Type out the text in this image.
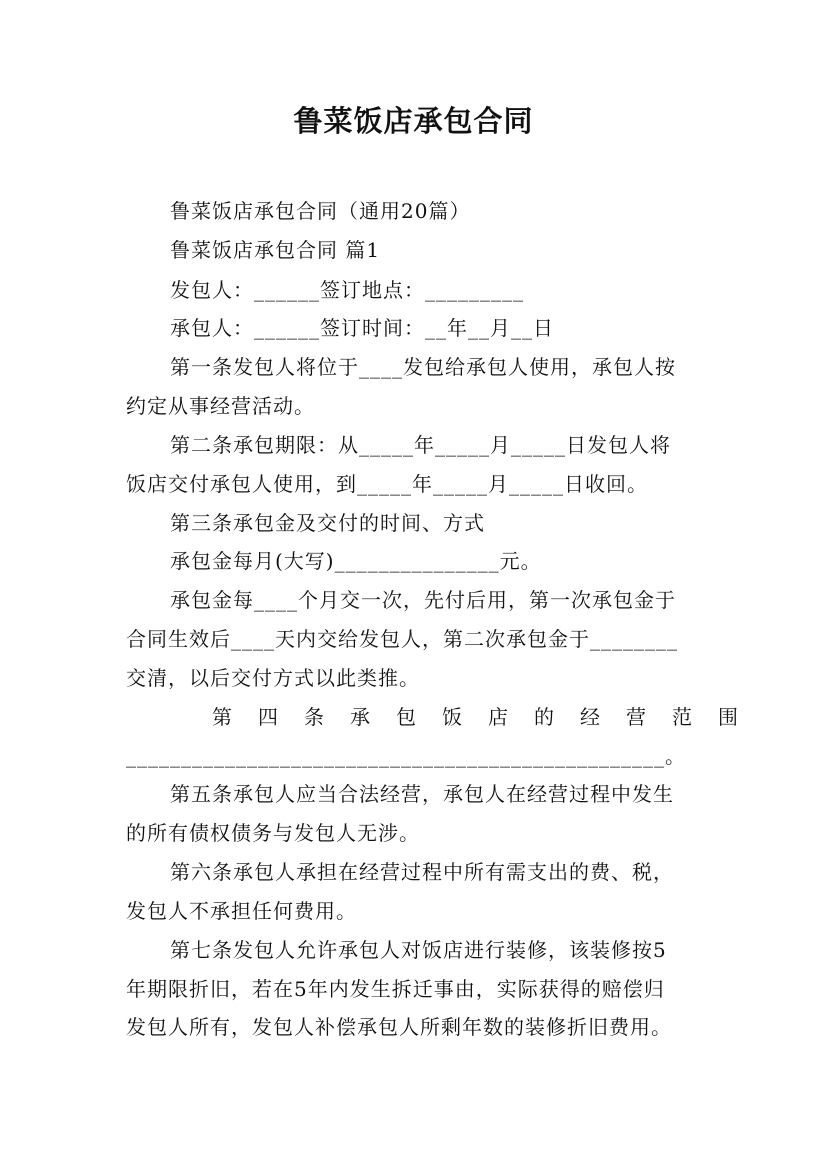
鲁菜饭店承包合同
鲁菜饭店承包合同（通用20篇）
鲁菜饭店承包合同 篇1
发包人：______签订地点：_________
承包人：______签订时间：__年__月__日
第一条发包人将位于____发包给承包人使用，承包人按
约定从事经营活动。
第二条承包期限：从_____年_____月_____日发包人将
饭店交付承包人使用，到_____年_____月_____日收回。
第三条承包金及交付的时间、方式
承包金每月(大写)_______________元。
承包金每____个月交一次，先付后用，第一次承包金于
合同生效后____天内交给发包人，第二次承包金于________
交清，以后交付方式以此类推。
第四条承包饭店的经营范围
_________________________________________________。
第五条承包人应当合法经营，承包人在经营过程中发生
的所有债权债务与发包人无涉。
第六条承包人承担在经营过程中所有需支出的费、税，
发包人不承担任何费用。
第七条发包人允许承包人对饭店进行装修，该装修按5
年期限折旧，若在5年内发生拆迁事由，实际获得的赔偿归
发包人所有，发包人补偿承包人所剩年数的装修折旧费用。
